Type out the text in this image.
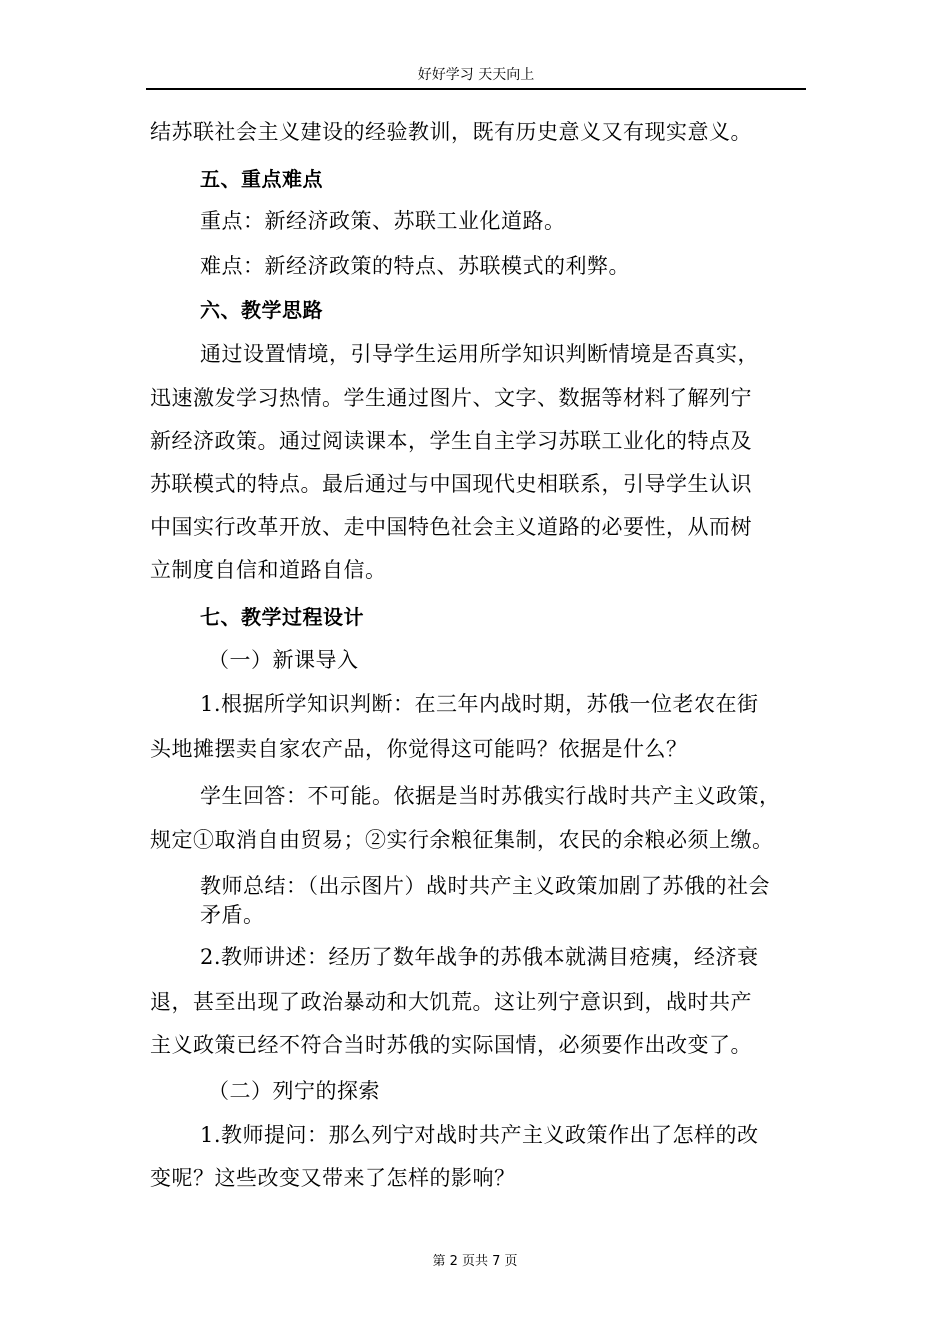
好好学习 天天向上
结苏联社会主义建设的经验教训，既有历史意义又有现实意义。
五、重点难点
重点：新经济政策、苏联工业化道路。
难点：新经济政策的特点、苏联模式的利弊。
六、教学思路
通过设置情境，引导学生运用所学知识判断情境是否真实，
迅速激发学习热情。学生通过图片、文字、数据等材料了解列宁
新经济政策。通过阅读课本，学生自主学习苏联工业化的特点及
苏联模式的特点。最后通过与中国现代史相联系，引导学生认识
中国实行改革开放、走中国特色社会主义道路的必要性，从而树
立制度自信和道路自信。
七、教学过程设计
（一）新课导入
1.根据所学知识判断：在三年内战时期，苏俄一位老农在街
头地摊摆卖自家农产品，你觉得这可能吗？依据是什么？
学生回答：不可能。依据是当时苏俄实行战时共产主义政策，
规定①取消自由贸易；②实行余粮征集制，农民的余粮必须上缴。
教师总结：（出示图片）战时共产主义政策加剧了苏俄的社会
矛盾。
2.教师讲述：经历了数年战争的苏俄本就满目疮痍，经济衰
退，甚至出现了政治暴动和大饥荒。这让列宁意识到，战时共产
主义政策已经不符合当时苏俄的实际国情，必须要作出改变了。
（二）列宁的探索
1.教师提问：那么列宁对战时共产主义政策作出了怎样的改
变呢？这些改变又带来了怎样的影响？
第 2 页共 7 页
